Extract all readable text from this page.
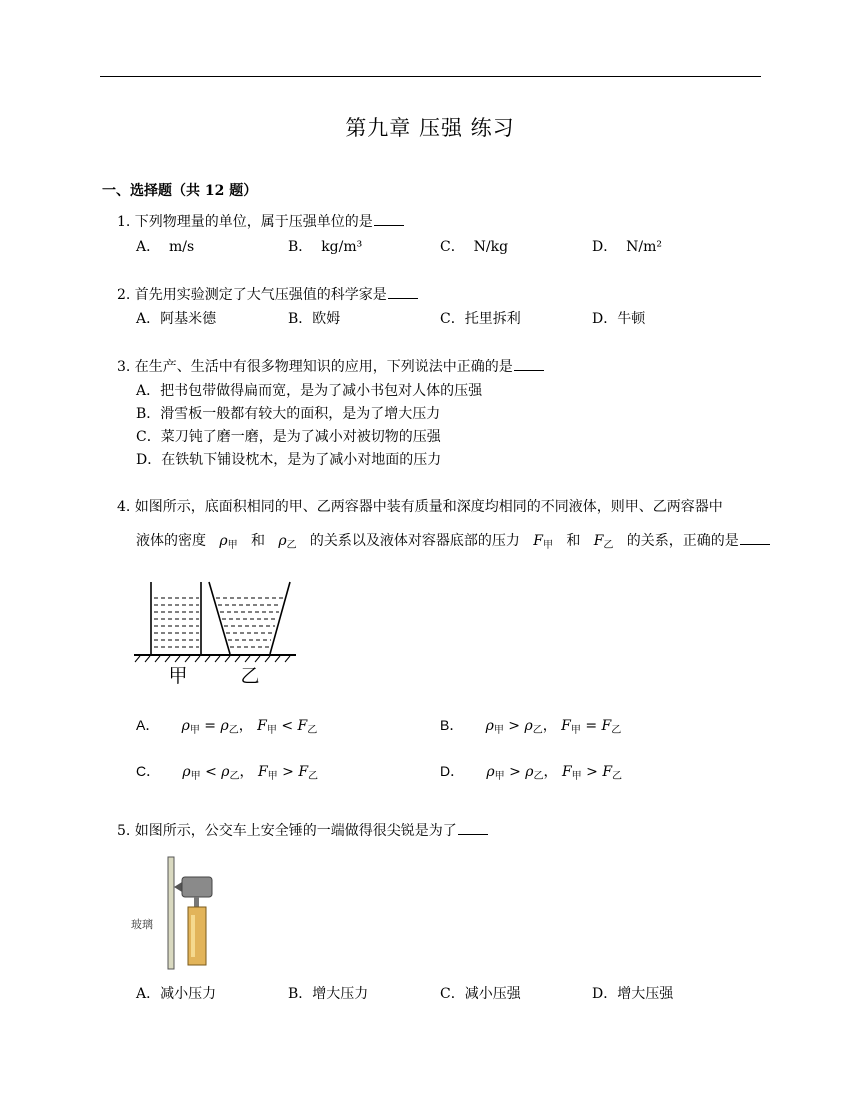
第九章 压强 练习
一、选择题（共 12 题）
1. 下列物理量的单位，属于压强单位的是
A． m/s	B． kg/m³	C． N/kg	D． N/m²
2. 首先用实验测定了大气压强值的科学家是
A．阿基米德	B．欧姆	C．托里拆利	D．牛顿
3. 在生产、生活中有很多物理知识的应用，下列说法中正确的是
A．把书包带做得扁而宽，是为了减小书包对人体的压强
B．滑雪板一般都有较大的面积，是为了增大压力
C．菜刀钝了磨一磨，是为了减小对被切物的压强
D．在铁轨下铺设枕木，是为了减小对地面的压力
4. 如图所示，底面积相同的甲、乙两容器中装有质量和深度均相同的不同液体，则甲、乙两容器中
液体的密度 $\rho_甲$ 和 $\rho_乙$ 的关系以及液体对容器底部的压力 $F_甲$ 和 $F_乙$ 的关系，正确的是
甲	乙
A． $\rho_甲 = \rho_乙$， $F_甲 < F_乙$	B． $\rho_甲 > \rho_乙$， $F_甲 = F_乙$
C． $\rho_甲 < \rho_乙$， $F_甲 > F_乙$	D． $\rho_甲 > \rho_乙$， $F_甲 > F_乙$
5. 如图所示，公交车上安全锤的一端做得很尖锐是为了
玻璃
A．减小压力	B．增大压力	C．减小压强	D．增大压强
